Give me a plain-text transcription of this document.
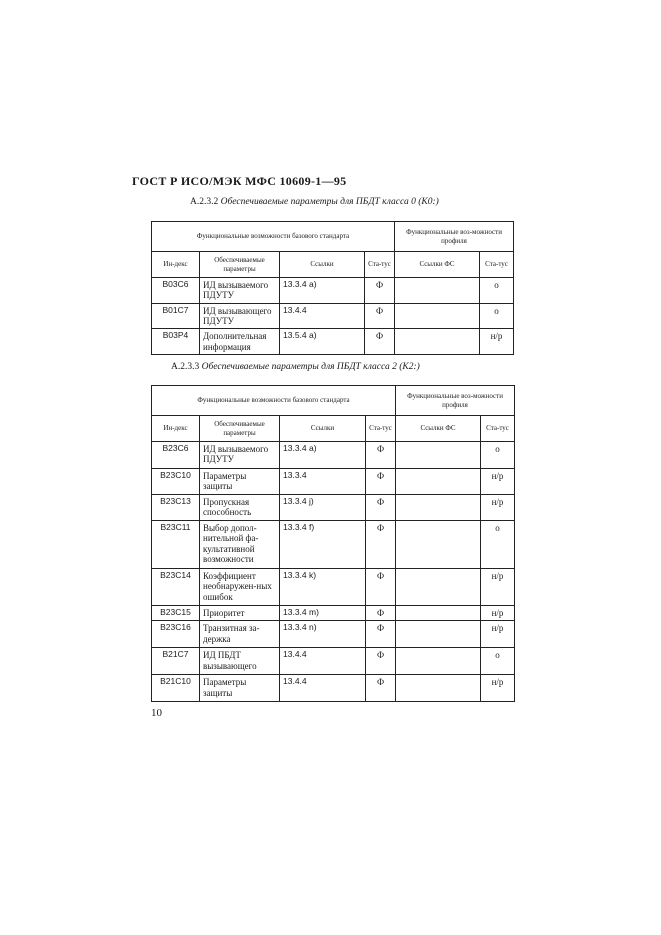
ГОСТ Р ИСО/МЭК МФС 10609-1—95
А.2.3.2 Обеспечиваемые параметры для ПБДТ класса 0 (К0:)
Функциональные возможности базового стандарта				Функциональные воз-можности профиля	
Ин-декс	Обеспечиваемые параметры	Ссылки	Ста-тус	Ссылки ФС	Ста-тус
В03С6	ИД вызываемого ПДУТУ	13.3.4 а)	Ф		о
В01С7	ИД вызывающего ПДУТУ	13.4.4	Ф		о
В03Р4	Дополнительная информация	13.5.4 а)	Ф		н/р
А.2.3.3 Обеспечиваемые параметры для ПБДТ класса 2 (К2:)
Функциональные возможности базового стандарта				Функциональные воз-можности профиля	
Ин-декс	Обеспечиваемые параметры	Ссылки	Ста-тус	Ссылки ФС	Ста-тус
В23С6	ИД вызываемого ПДУТУ	13.3.4 а)	Ф		о
В23С10	Параметры защиты	13.3.4	Ф		н/р
В23С13	Пропускная способность	13.3.4 j)	Ф		н/р
В23С11	Выбор допол-нительной фа-культативной возможности	13.3.4 f)	Ф		о
В23С14	Коэффициент необнаружен-ных ошибок	13.3.4 k)	Ф		н/р
В23С15	Приоритет	13.3.4 m)	Ф		н/р
В23С16	Транзитная за-держка	13.3.4 n)	Ф		н/р
В21С7	ИД ПБДТ вызывающего	13.4.4	Ф		о
В21С10	Параметры защиты	13.4.4	Ф		н/р
10
